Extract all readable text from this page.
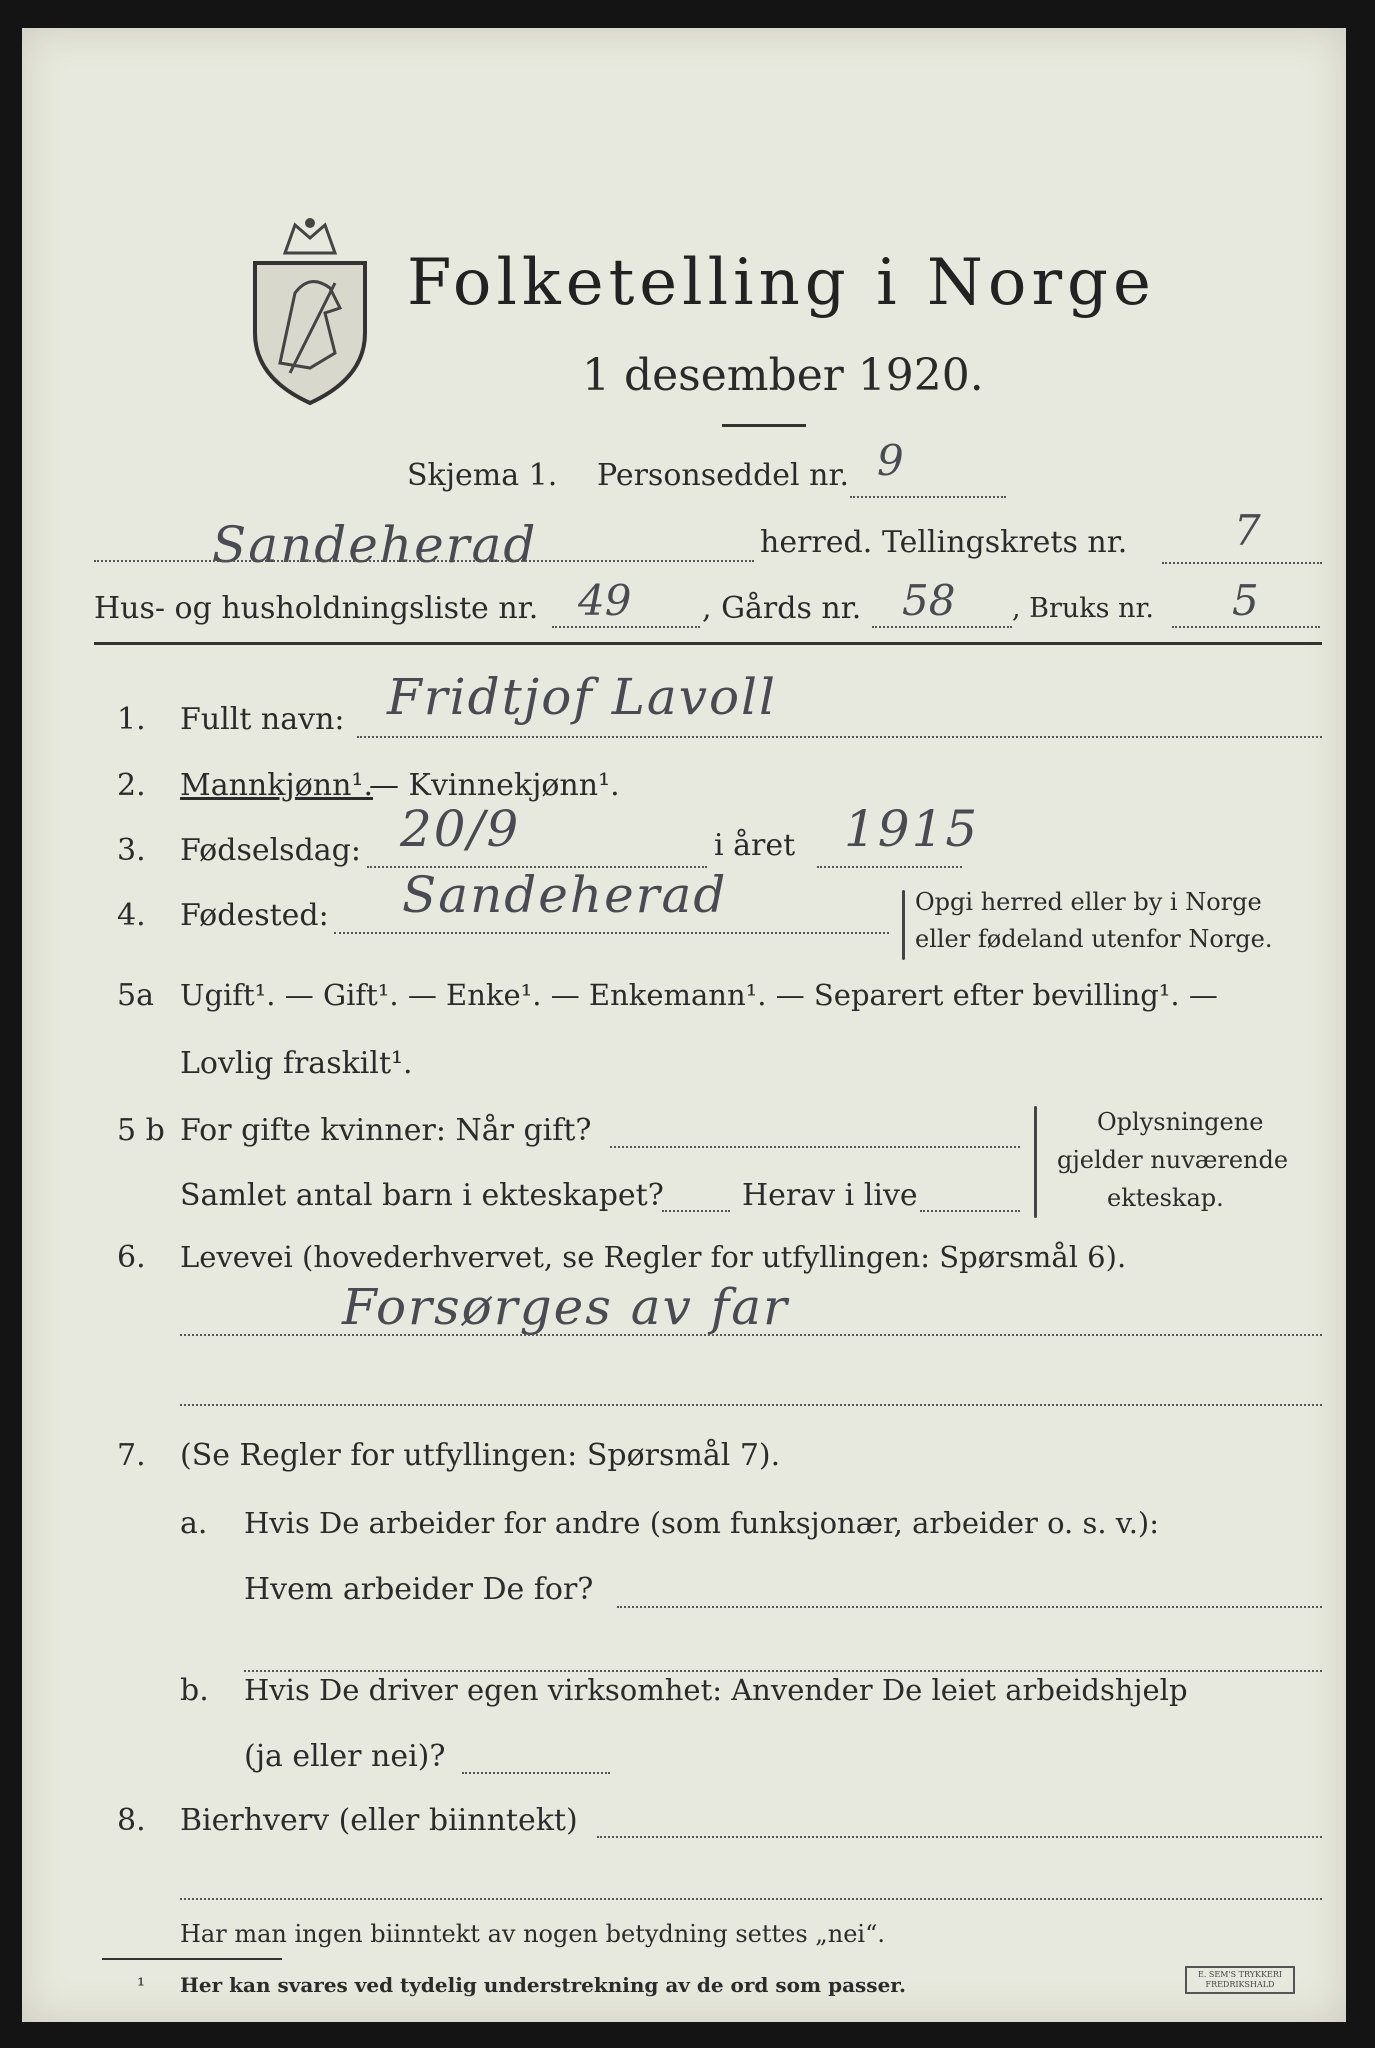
Folketelling i Norge
1 desember 1920.
Skjema 1. Personseddel nr. 9
Sandeherad	herred. Tellingskrets nr.	7
Hus- og husholdningsliste nr. 49 , Gårds nr. 58 , Bruks nr. 5
1. Fullt navn: Fridtjof Lavoll
2. Mannkjønn¹.
— Kvinnekjønn¹.
3. Fødselsdag: 20/9	i året 1915
4. Fødested: Sandeherad	Opgi herred eller by i Norge
eller fødeland utenfor Norge.
5a Ugift¹. — Gift¹. — Enke¹. — Enkemann¹. — Separert efter bevilling¹. —
Lovlig fraskilt¹.
5 b For gifte kvinner: Når gift?
Samlet antal barn i ekteskapet?	Herav i live
Oplysningene
gjelder nuværende
ekteskap.
6. Levevei (hovederhvervet, se Regler for utfyllingen: Spørsmål 6).
Forsørges av far
7. (Se Regler for utfyllingen: Spørsmål 7).
a. Hvis De arbeider for andre (som funksjonær, arbeider o. s. v.):
Hvem arbeider De for?
b. Hvis De driver egen virksomhet: Anvender De leiet arbeidshjelp
(ja eller nei)?
8. Bierhverv (eller biinntekt)
Har man ingen biinntekt av nogen betydning settes „nei“.
¹ Her kan svares ved tydelig understrekning av de ord som passer.	E. SEM'S TRYKKERI FREDRIKSHALD
